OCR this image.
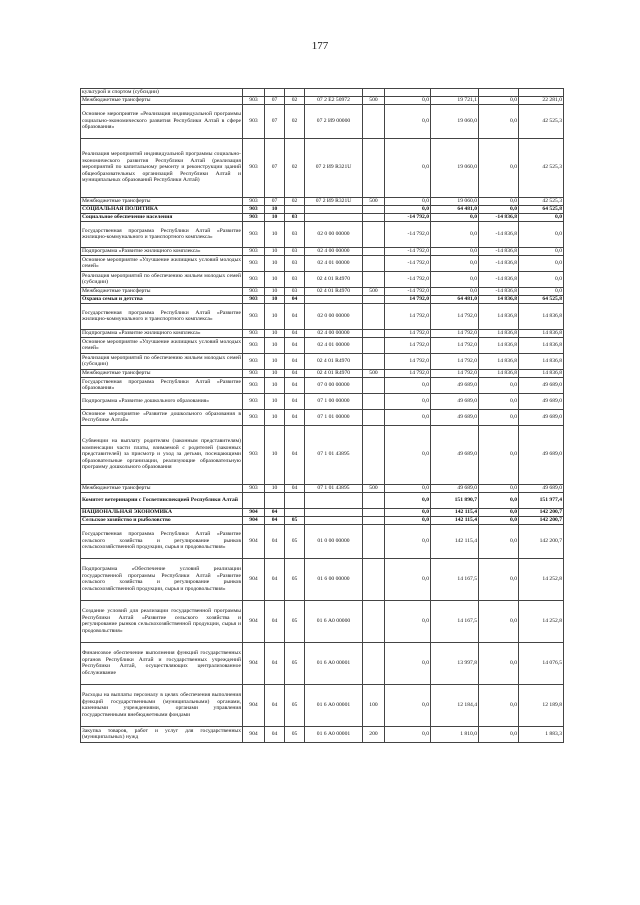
177
культурой и спортом (субсидии)									
Межбюджетные трансферты	903	07	02	07 2 E2 50972	500	0,0	19 721,1	0,0	22 281,0
Основное мероприятие «Реализация индивидуальной программы социально-экономического развития Республики Алтай в сфере образования»	903	07	02	07 2 И9 00000		0,0	19 060,0	0,0	42 525,3
Реализация мероприятий индивидуальной программы социально-экономического развития Республики Алтай (реализация мероприятий по капитальному ремонту и реконструкции зданий общеобразовательных организаций Республики Алтай и муниципальных образований Республики Алтай)	903	07	02	07 2 И9 R321U		0,0	19 060,0	0,0	42 525,3
Межбюджетные трансферты	903	07	02	07 2 И9 R321U	500	0,0	19 060,0	0,0	42 525,3
СОЦИАЛЬНАЯ ПОЛИТИКА	903	10				0,0	64 481,0	0,0	64 525,8
Социальное обеспечение населения	903	10	03			-14 792,0	0,0	-14 836,8	0,0
Государственная программа Республики Алтай «Развитие жилищно-коммунального и транспортного комплекса»	903	10	03	02 0 00 00000		-14 792,0	0,0	-14 836,8	0,0
Подпрограмма «Развитие жилищного комплекса»	903	10	03	02 4 00 00000		-14 792,0	0,0	-14 836,8	0,0
Основное мероприятие «Улучшение жилищных условий молодых семей»	903	10	03	02 4 01 00000		-14 792,0	0,0	-14 836,8	0,0
Реализация мероприятий по обеспечению жильем молодых семей (субсидии)	903	10	03	02 4 01 R4970		-14 792,0	0,0	-14 836,8	0,0
Межбюджетные трансферты	903	10	03	02 4 01 R4970	500	-14 792,0	0,0	-14 836,8	0,0
Охрана семьи и детства	903	10	04			14 792,0	64 481,0	14 836,8	64 525,8
Государственная программа Республики Алтай «Развитие жилищно-коммунального и транспортного комплекса»	903	10	04	02 0 00 00000		14 792,0	14 792,0	14 836,8	14 836,8
Подпрограмма «Развитие жилищного комплекса»	903	10	04	02 4 00 00000		14 792,0	14 792,0	14 836,8	14 836,8
Основное мероприятие «Улучшение жилищных условий молодых семей»	903	10	04	02 4 01 00000		14 792,0	14 792,0	14 836,8	14 836,8
Реализация мероприятий по обеспечению жильем молодых семей (субсидии)	903	10	04	02 4 01 R4970		14 792,0	14 792,0	14 836,8	14 836,8
Межбюджетные трансферты	903	10	04	02 4 01 R4970	500	14 792,0	14 792,0	14 836,8	14 836,8
Государственная программа Республики Алтай «Развитие образования»	903	10	04	07 0 00 00000		0,0	49 689,0	0,0	49 689,0
Подпрограмма «Развитие дошкольного образования»	903	10	04	07 1 00 00000		0,0	49 689,0	0,0	49 689,0
Основное мероприятие «Развитие дошкольного образования в Республике Алтай»	903	10	04	07 1 01 00000		0,0	49 689,0	0,0	49 689,0
Субвенции на выплату родителям (законным представителям) компенсации части платы, взимаемой с родителей (законных представителей) за присмотр и уход за детьми, посещающими образовательные организации, реализующие образовательную программу дошкольного образования	903	10	04	07 1 01 43895		0,0	49 689,0	0,0	49 689,0
Межбюджетные трансферты	903	10	04	07 1 01 43895	500	0,0	49 689,0	0,0	49 689,0
Комитет ветеринарии с Госветинспекцией Республики Алтай						0,0	151 890,7	0,0	151 977,4
НАЦИОНАЛЬНАЯ ЭКОНОМИКА	904	04				0,0	142 115,4	0,0	142 200,7
Сельское хозяйство и рыболовство	904	04	05			0,0	142 115,4	0,0	142 200,7
Государственная программа Республики Алтай «Развитие сельского хозяйства и регулирование рынков сельскохозяйственной продукции, сырья и продовольствия»	904	04	05	01 0 00 00000		0,0	142 115,4	0,0	142 200,7
Подпрограмма «Обеспечение условий реализации государственной программы Республики Алтай «Развитие сельского хозяйства и регулирование рынков сельскохозяйственной продукции, сырья и продовольствия»	904	04	05	01 6 00 00000		0,0	14 167,5	0,0	14 252,8
Создание условий для реализации государственной программы Республики Алтай «Развитие сельского хозяйства и регулирование рынков сельскохозяйственной продукции, сырья и продовольствия»	904	04	05	01 6 А0 00000		0,0	14 167,5	0,0	14 252,8
Финансовое обеспечение выполнения функций государственных органов Республики Алтай и государственных учреждений Республики Алтай, осуществляющих централизованное обслуживание	904	04	05	01 6 А0 00001		0,0	13 997,8	0,0	14 076,5
Расходы на выплаты персоналу в целях обеспечения выполнения функций государственными (муниципальными) органами, казенными учреждениями, органами управления государственными внебюджетными фондами	904	04	05	01 6 А0 00001	100	0,0	12 184,4	0,0	12 189,8
Закупка товаров, работ и услуг для государственных (муниципальных) нужд	904	04	05	01 6 А0 00001	200	0,0	1 810,0	0,0	1 883,3
